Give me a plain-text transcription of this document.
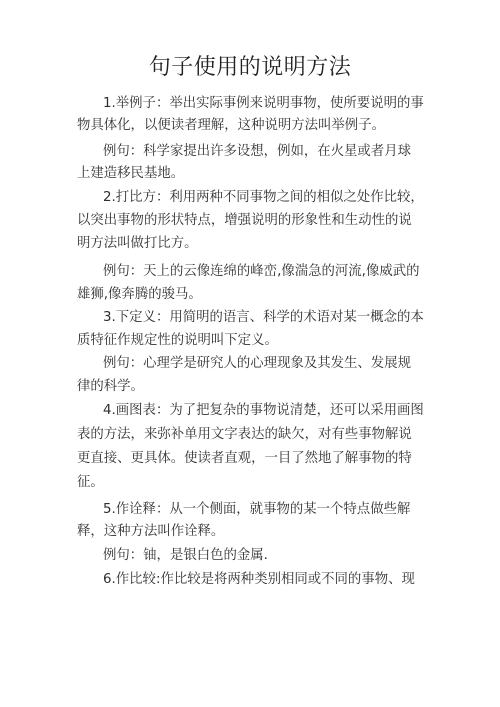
句子使用的说明方法
1.举例子：举出实际事例来说明事物，使所要说明的事
物具体化，以便读者理解，这种说明方法叫举例子。
例句：科学家提出许多设想，例如，在火星或者月球
上建造移民基地。
2.打比方：利用两种不同事物之间的相似之处作比较，
以突出事物的形状特点，增强说明的形象性和生动性的说
明方法叫做打比方。
例句：天上的云像连绵的峰峦,像湍急的河流,像威武的
雄狮,像奔腾的骏马。
3.下定义：用简明的语言、科学的术语对某一概念的本
质特征作规定性的说明叫下定义。
例句：心理学是研究人的心理现象及其发生、发展规
律的科学。
4.画图表：为了把复杂的事物说清楚，还可以采用画图
表的方法，来弥补单用文字表达的缺欠，对有些事物解说
更直接、更具体。使读者直观，一目了然地了解事物的特
征。
5.作诠释：从一个侧面，就事物的某一个特点做些解
释，这种方法叫作诠释。
例句：铀，是银白色的金属.
6.作比较:作比较是将两种类别相同或不同的事物、现
